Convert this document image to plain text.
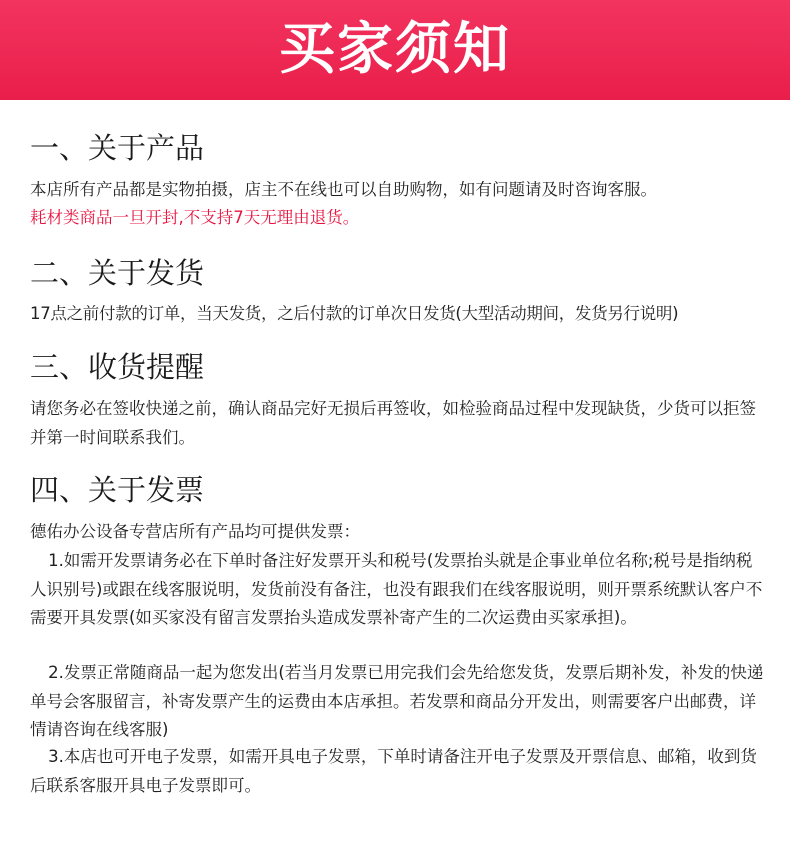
买家须知
一、关于产品

本店所有产品都是实物拍摄，店主不在线也可以自助购物，如有问题请及时咨询客服。

耗材类商品一旦开封,不支持7天无理由退货。

二、关于发货

17点之前付款的订单，当天发货，之后付款的订单次日发货(大型活动期间，发货另行说明)

三、收货提醒

请您务必在签收快递之前，确认商品完好无损后再签收，如检验商品过程中发现缺货，少货可以拒签并第一时间联系我们。

四、关于发票

德佑办公设备专营店所有产品均可提供发票：

1.如需开发票请务必在下单时备注好发票开头和税号(发票抬头就是企事业单位名称;税号是指纳税人识别号)或跟在线客服说明，发货前没有备注，也没有跟我们在线客服说明，则开票系统默认客户不需要开具发票(如买家没有留言发票抬头造成发票补寄产生的二次运费由买家承担)。

2.发票正常随商品一起为您发出(若当月发票已用完我们会先给您发货，发票后期补发，补发的快递单号会客服留言，补寄发票产生的运费由本店承担。若发票和商品分开发出，则需要客户出邮费，详情请咨询在线客服)

3.本店也可开电子发票，如需开具电子发票，下单时请备注开电子发票及开票信息、邮箱，收到货后联系客服开具电子发票即可。
